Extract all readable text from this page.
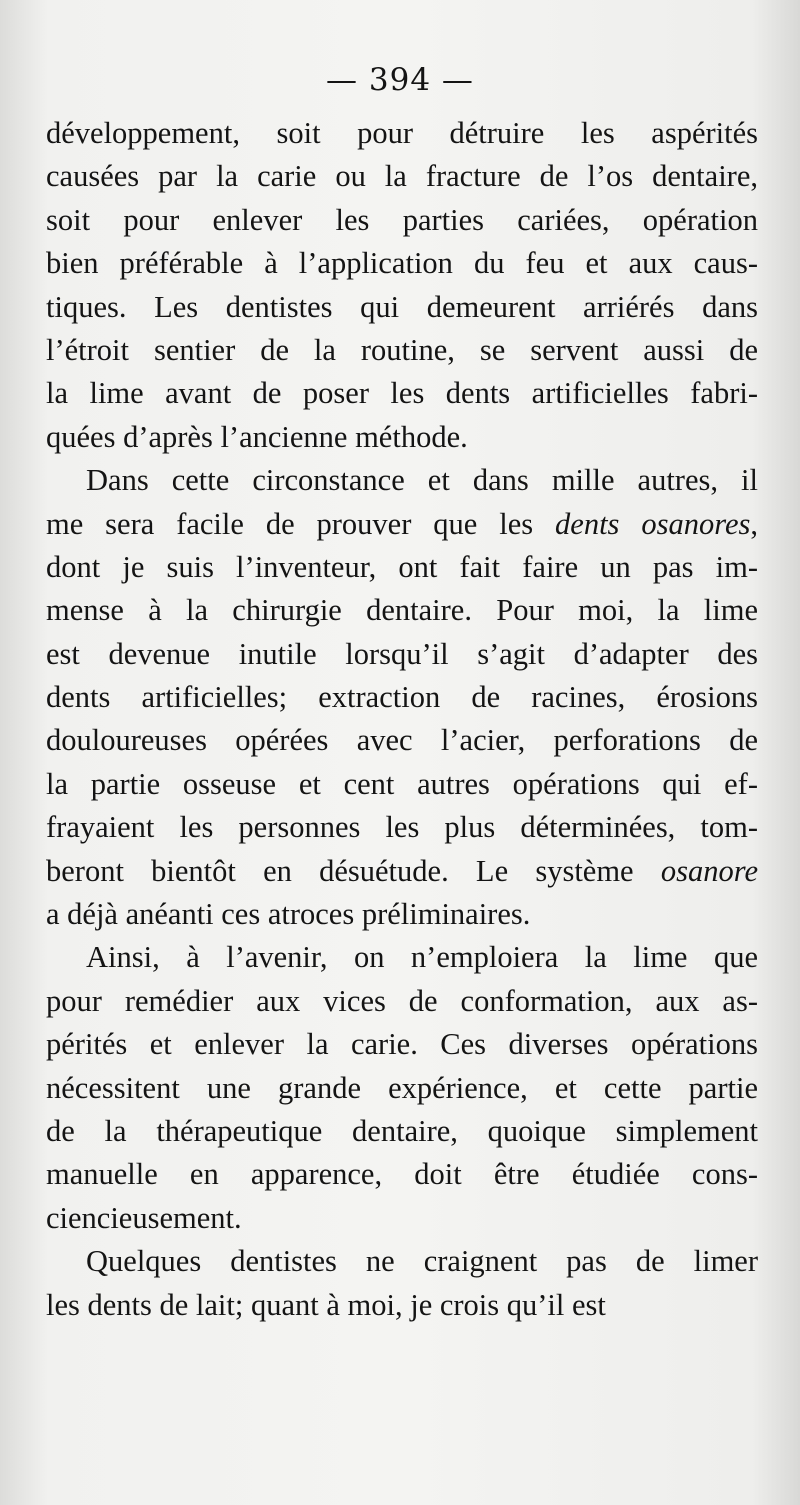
— 394 —
développement, soit pour détruire les aspérités
causées par la carie ou la fracture de l’os dentaire,
soit pour enlever les parties cariées, opération
bien préférable à l’application du feu et aux caus-
tiques. Les dentistes qui demeurent arriérés dans
l’étroit sentier de la routine, se servent aussi de
la lime avant de poser les dents artificielles fabri-
quées d’après l’ancienne méthode.
Dans cette circonstance et dans mille autres, il
me sera facile de prouver que les dents osanores,
dont je suis l’inventeur, ont fait faire un pas im-
mense à la chirurgie dentaire. Pour moi, la lime
est devenue inutile lorsqu’il s’agit d’adapter des
dents artificielles; extraction de racines, érosions
douloureuses opérées avec l’acier, perforations de
la partie osseuse et cent autres opérations qui ef-
frayaient les personnes les plus déterminées, tom-
beront bientôt en désuétude. Le système osanore
a déjà anéanti ces atroces préliminaires.
Ainsi, à l’avenir, on n’emploiera la lime que
pour remédier aux vices de conformation, aux as-
pérités et enlever la carie. Ces diverses opérations
nécessitent une grande expérience, et cette partie
de la thérapeutique dentaire, quoique simplement
manuelle en apparence, doit être étudiée cons-
ciencieusement.
Quelques dentistes ne craignent pas de limer
les dents de lait; quant à moi, je crois qu’il est
